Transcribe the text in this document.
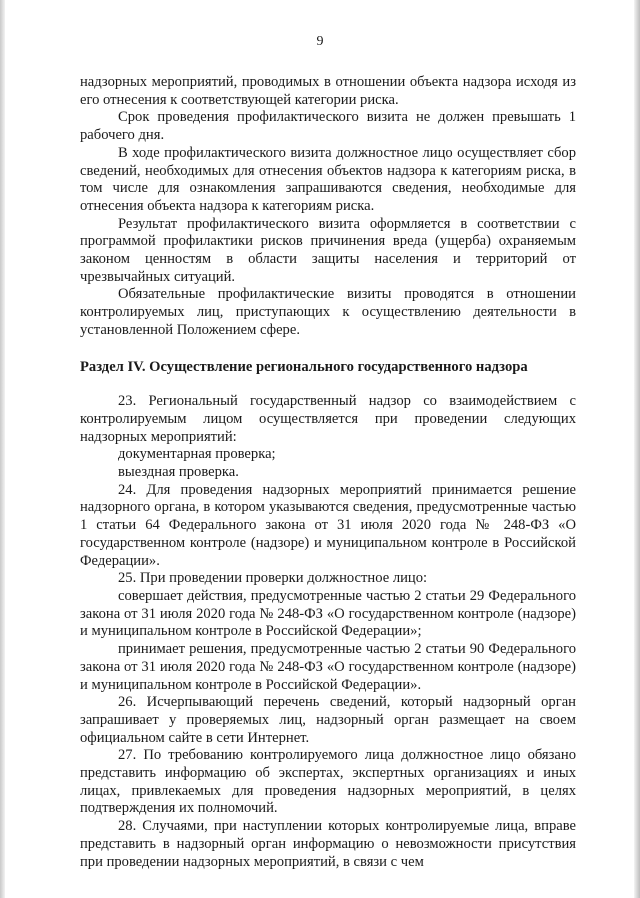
9

надзорных мероприятий, проводимых в отношении объекта надзора исходя из его отнесения к соответствующей категории риска.

Срок проведения профилактического визита не должен превышать 1 рабочего дня.

В ходе профилактического визита должностное лицо осуществляет сбор сведений, необходимых для отнесения объектов надзора к категориям риска, в том числе для ознакомления запрашиваются сведения, необходимые для отнесения объекта надзора к категориям риска.

Результат профилактического визита оформляется в соответствии с программой профилактики рисков причинения вреда (ущерба) охраняемым законом ценностям в области защиты населения и территорий от чрезвычайных ситуаций.

Обязательные профилактические визиты проводятся в отношении контролируемых лиц, приступающих к осуществлению деятельности в установленной Положением сфере.

Раздел IV. Осуществление регионального государственного надзора

23. Региональный государственный надзор со взаимодействием с контролируемым лицом осуществляется при проведении следующих надзорных мероприятий:

документарная проверка;

выездная проверка.

24. Для проведения надзорных мероприятий принимается решение надзорного органа, в котором указываются сведения, предусмотренные частью 1 статьи 64 Федерального закона от 31 июля 2020 года № 248-ФЗ «О государственном контроле (надзоре) и муниципальном контроле в Российской Федерации».

25. При проведении проверки должностное лицо:

совершает действия, предусмотренные частью 2 статьи 29 Федерального закона от 31 июля 2020 года № 248-ФЗ «О государственном контроле (надзоре) и муниципальном контроле в Российской Федерации»;

принимает решения, предусмотренные частью 2 статьи 90 Федерального закона от 31 июля 2020 года № 248-ФЗ «О государственном контроле (надзоре) и муниципальном контроле в Российской Федерации».

26. Исчерпывающий перечень сведений, который надзорный орган запрашивает у проверяемых лиц, надзорный орган размещает на своем официальном сайте в сети Интернет.

27. По требованию контролируемого лица должностное лицо обязано представить информацию об экспертах, экспертных организациях и иных лицах, привлекаемых для проведения надзорных мероприятий, в целях подтверждения их полномочий.

28. Случаями, при наступлении которых контролируемые лица, вправе представить в надзорный орган информацию о невозможности присутствия при проведении надзорных мероприятий, в связи с чем
